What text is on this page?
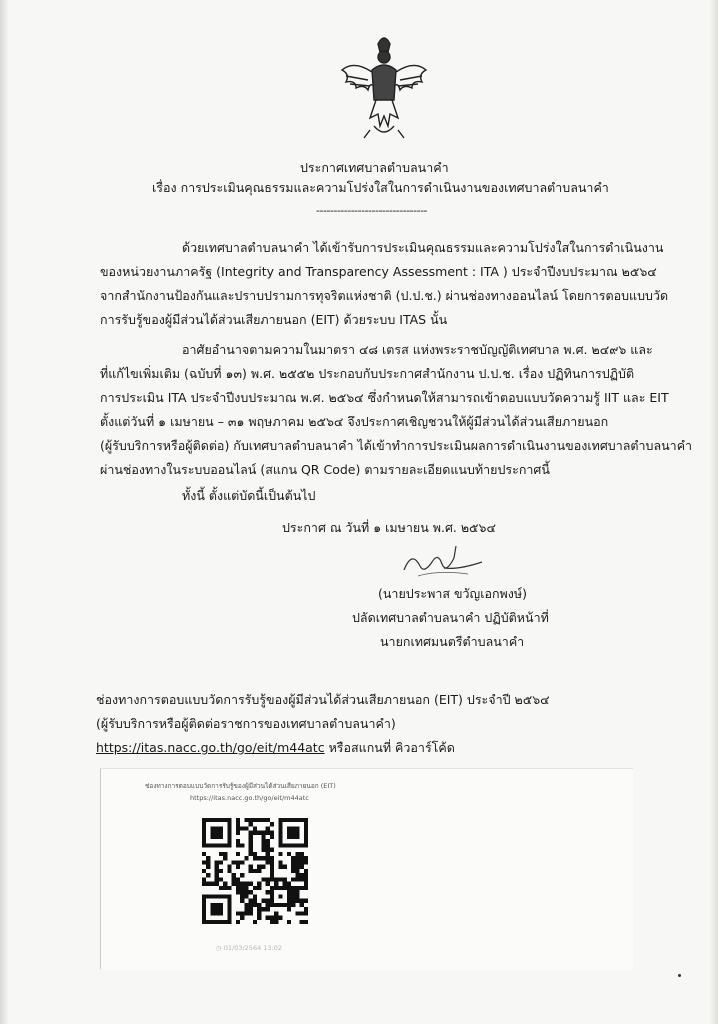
ประกาศเทศบาลตำบลนาคำ
เรื่อง การประเมินคุณธรรมและความโปร่งใสในการดำเนินงานของเทศบาลตำบลนาคำ
--------------------------------
ด้วยเทศบาลตำบลนาคำ ได้เข้ารับการประเมินคุณธรรมและความโปร่งใสในการดำเนินงาน
ของหน่วยงานภาครัฐ (Integrity and Transparency Assessment : ITA ) ประจำปีงบประมาณ ๒๕๖๔
จากสำนักงานป้องกันและปราบปรามการทุจริตแห่งชาติ (ป.ป.ช.) ผ่านช่องทางออนไลน์ โดยการตอบแบบวัด
การรับรู้ของผู้มีส่วนได้ส่วนเสียภายนอก (EIT) ด้วยระบบ ITAS นั้น
อาศัยอำนาจตามความในมาตรา ๔๘ เตรส แห่งพระราชบัญญัติเทศบาล พ.ศ. ๒๔๙๖ และ
ที่แก้ไขเพิ่มเติม (ฉบับที่ ๑๓) พ.ศ. ๒๕๕๒ ประกอบกับประกาศสำนักงาน ป.ป.ช. เรื่อง ปฏิทินการปฏิบัติ
การประเมิน ITA ประจำปีงบประมาณ พ.ศ. ๒๕๖๔ ซึ่งกำหนดให้สามารถเข้าตอบแบบวัดความรู้ IIT และ EIT
ตั้งแต่วันที่ ๑ เมษายน – ๓๑ พฤษภาคม ๒๕๖๔ จึงประกาศเชิญชวนให้ผู้มีส่วนได้ส่วนเสียภายนอก
(ผู้รับบริการหรือผู้ติดต่อ) กับเทศบาลตำบลนาคำ ได้เข้าทำการประเมินผลการดำเนินงานของเทศบาลตำบลนาคำ
ผ่านช่องทางในระบบออนไลน์ (สแกน QR Code) ตามรายละเอียดแนบท้ายประกาศนี้
ทั้งนี้ ตั้งแต่บัดนี้เป็นต้นไป
ประกาศ ณ วันที่ ๑ เมษายน พ.ศ. ๒๕๖๔
(นายประพาส ขวัญเอกพงษ์)
ปลัดเทศบาลตำบลนาคำ ปฏิบัติหน้าที่
นายกเทศมนตรีตำบลนาคำ
ช่องทางการตอบแบบวัดการรับรู้ของผู้มีส่วนได้ส่วนเสียภายนอก (EIT) ประจำปี ๒๕๖๔
(ผู้รับบริการหรือผู้ติดต่อราชการของเทศบาลตำบลนาคำ)
https://itas.nacc.go.th/go/eit/m44atc หรือสแกนที่ คิวอาร์โค้ด
ช่องทางการตอบแบบวัดการรับรู้ของผู้มีส่วนได้ส่วนเสียภายนอก (EIT)
https://itas.nacc.go.th/go/eit/m44atc
◷ 01/03/2564 13:02
